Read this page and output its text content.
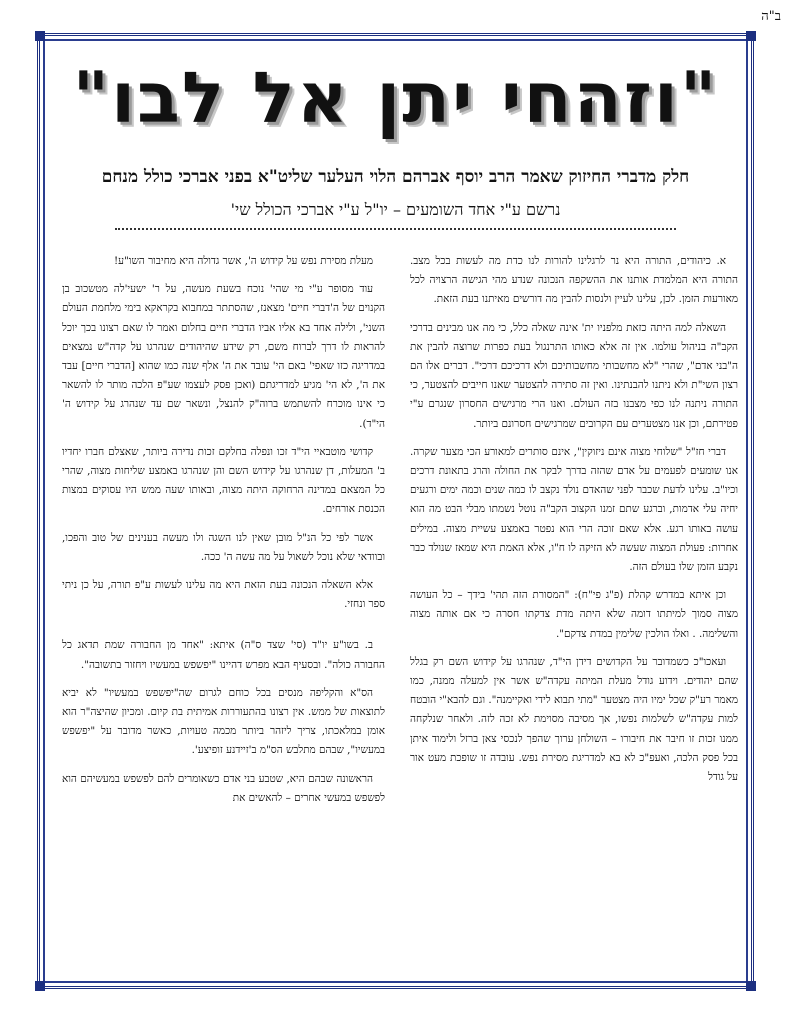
ב"ה
"וזהחי יתן אל לבו"
חלק מדברי החיזוק שאמר הרב יוסף אברהם הלוי העלער שליט"א בפני אברכי כולל מנחם
נרשם ע"י אחד השומעים – יו"ל ע"י אברכי הכולל שי'

א. כיהודים, התורה היא נר לרגלינו להורות לנו כדת מה לעשות בכל מצב. התורה היא המלמדת אותנו את ההשקפה הנכונה שנדע מהי הגישה הרצויה לכל מאורעות הזמן. לכן, עלינו לעיין ולנסות להבין מה דורשים מאיתנו בעת הזאת.

השאלה למה היתה כזאת מלפניו ית' אינה שאלה כלל, כי מה אנו מבינים בדרכי הקב"ה בניהול עולמו. אין זה אלא כאותו התרנגול בעת כפרות שרוצה להבין את ה"בני אדם", שהרי "לא מחשבותי מחשבותיכם ולא דרכיכם דרכי". דברים אלו הם רצון השי"ת ולא ניתנו להבנתינו. ואין זה סתירה להצטער שאנו חייבים להצטער, כי התורה ניתנה לנו כפי מצבנו בזה העולם. ואנו הרי מרגישים החסרון שנגרם ע"י פטירתם, וכן אנו מצטערים עם הקרובים שמרגישים חסרונם ביותר.

דברי חז"ל "שלוחי מצוה אינם ניזוקין", אינם סותרים למאורע הכי מצער שקרה. אנו שומעים לפעמים על אדם שהזה בדרך לבקר את החולה והרג בתאונת דרכים וכיו"ב. עלינו לדעת שכבר לפני שהאדם נולד נקצב לו כמה שנים וכמה ימים ורגעים יחיה עלי אדמות, וברגע שתם זמנו הקצוב הקב"ה נוטל נשמתו מבלי הבט מה הוא עושה באותו רגע. אלא שאם זוכה הרי הוא נפטר באמצע עשיית מצוה. במילים אחרות: פעולת המצוה שעשה לא הזיקה לו ח"ו, אלא האמת היא שמאז שנולד כבר נקבע הזמן שלו בעולם הזה.

וכן איתא במדרש קהלת (פ"ג פי"ח): "המסורת הזה תהי' בידך – כל העושה מצוה סמוך למיתתו דומה שלא היתה מדת צדקתו חסרה כי אם אותה מצוה והשלימה. . ואלו הולכין שלימין במדת צדקם".

ועאכו"כ כשמדובר על הקדושים דידן הי"ד, שנהרגו על קידוש השם רק בגלל שהם יהודים. וידוע גודל מעלת המיתה עקדה"ש אשר אין למעלה ממנה, כמו מאמר רע"ק שכל ימיו היה מצטער "מתי תבוא לידי ואקיימנה". וגם להבא"י הובטח למות עקדה"ש לשלמות נפשו, אך מסיבה מסוימת לא זכה לזה. ולאחר שנלקחה ממנו זכות זו חיבר את חיבורו – השולחן ערוך שהפך לנכסי צאן ברזל ולימוד איתן בכל פסק הלכה, ואעפ"כ לא בא למדריגת מסירת נפש. עובדה זו שופכת מעט אור על גודל

מעלת מסירת נפש על קידוש ה', אשר גדולה היא מחיבור השו"ע!

עוד מסופר ע"י מי שהי' נוכח בשעת מעשה, על ר' ישעי'לה מטשכוב בן הקנוים של ה'דברי חיים' מצאנז, שהסתתר במחבוא בקראקא בימי מלחמת העולם השני', ולילה אחד בא אליו אביו הדברי חיים בחלום ואמר לו שאם רצונו בכך יוכל להראות לו דרך לברוח משם, רק שידע שהיהודים שנהרגו על קדה"ש נמצאים במדריגה כזו שאפי' באם הי' עובד את ה' אלף שנה כמו שהוא [הדברי חיים] עבד את ה', לא הי' מגיע למדריגתם (ואכן פסק לעצמו שע"פ הלכה מותר לו להשאר כי אינו מוכרח להשתמש ברוה"ק להנצל, ונשאר שם עד שנהרג על קידוש ה' הי"ד).

קדושי מוטבאיי הי"ד זכו ונפלה בחלקם זכות נדירה ביותר, שאצלם חברו יחדיו ב' המעלות, דן שנהרגו על קידוש השם והן שנהרגו באמצע שליחות מצוה, שהרי כל המצאם במדינה הרחוקה היתה מצוה, ובאותו שעה ממש היו עסוקים במצות הכנסת אורחים.

אשר לפי כל הנ"ל מובן שאין לנו השגה ולו מעשה בענינים של טוב והפכו, ובוודאי שלא נוכל לשאול על מה עשה ה' ככה.

אלא השאלה הנכונה בעת הזאת היא מה עלינו לעשות ע"פ תורה, על כן ניתי ספר ונחזי.

ב. בשו"ע יו"ד (סי' שצד ס"ה) איתא: "אחד מן החבורה שמת תדאג כל החבורה כולה". ובסעיף הבא מפרש דהיינו "יפשפש במעשיו ויחזור בתשובה".

הס"א והקליפה מנסים בכל כוחם לגרום שה"יפשפש במעשיו" לא יביא לתוצאות של ממש. אין רצונו בהתעוררות אמיתית בת קיום. ומכיון שהיצה"ר הוא אומן במלאכתו, צריך ליזהר ביותר מכמה טעויות, כאשר מדובר על "יפשפש במעשיו", שבהם מתלבש הס"מ ב'זיידנע זופיצע'.

הראשונה שבהם היא, שטבע בני אדם כשאומרים להם לפשפש במעשיהם הוא לפשפש במעשי אחרים – להאשים את
